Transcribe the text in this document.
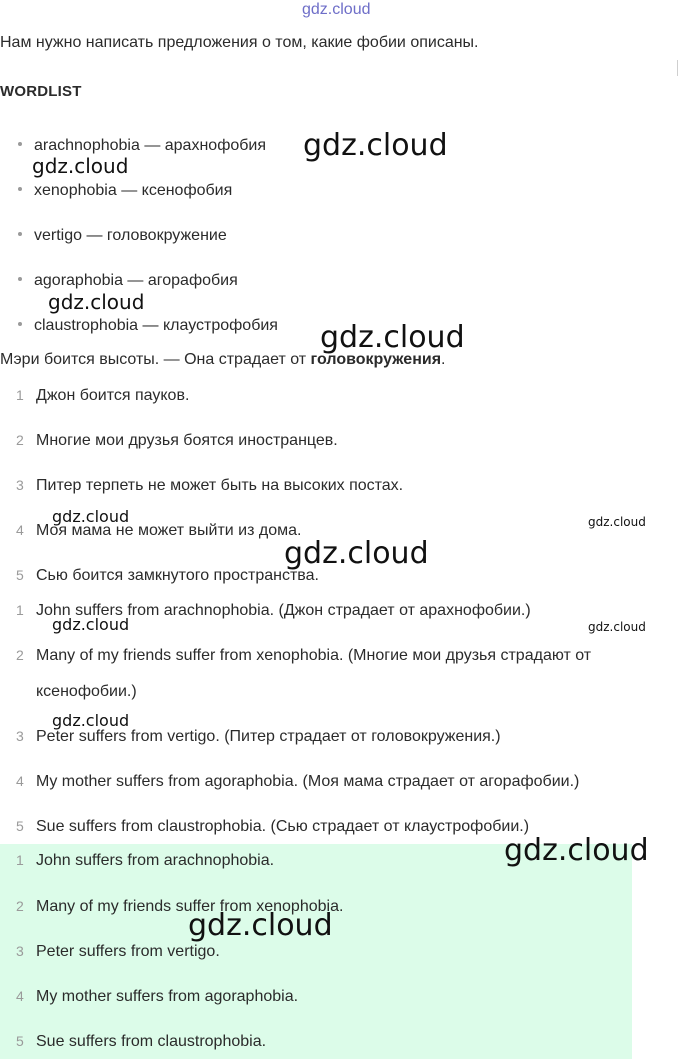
gdz.cloud

Нам нужно написать предложения о том, какие фобии описаны.

WORDLIST
arachnophobia — арахнофобия
xenophobia — ксенофобия
vertigo — головокружение
agoraphobia — агорафобия
claustrophobia — клаустрофобия
Мэри боится высоты. — Она страдает от головокружения.
1 Джон боится пауков.
2 Многие мои друзья боятся иностранцев.
3 Питер терпеть не может быть на высоких постах.
4 Моя мама не может выйти из дома.
5 Сью боится замкнутого пространства.
1 John suffers from arachnophobia. (Джон страдает от арахнофобии.)
2 Many of my friends suffer from xenophobia. (Многие мои друзья страдают от
ксенофобии.)
3 Peter suffers from vertigo. (Питер страдает от головокружения.)
4 My mother suffers from agoraphobia. (Моя мама страдает от агорафобии.)
5 Sue suffers from claustrophobia. (Сью страдает от клаустрофобии.)
1 John suffers from arachnophobia.
2 Many of my friends suffer from xenophobia.
3 Peter suffers from vertigo.
4 My mother suffers from agoraphobia.
5 Sue suffers from claustrophobia.
gdz.cloud
gdz.cloud
gdz.cloud
gdz.cloud
gdz.cloud	gdz.cloud
gdz.cloud
gdz.cloud	gdz.cloud
gdz.cloud
gdz.cloud
gdz.cloud
